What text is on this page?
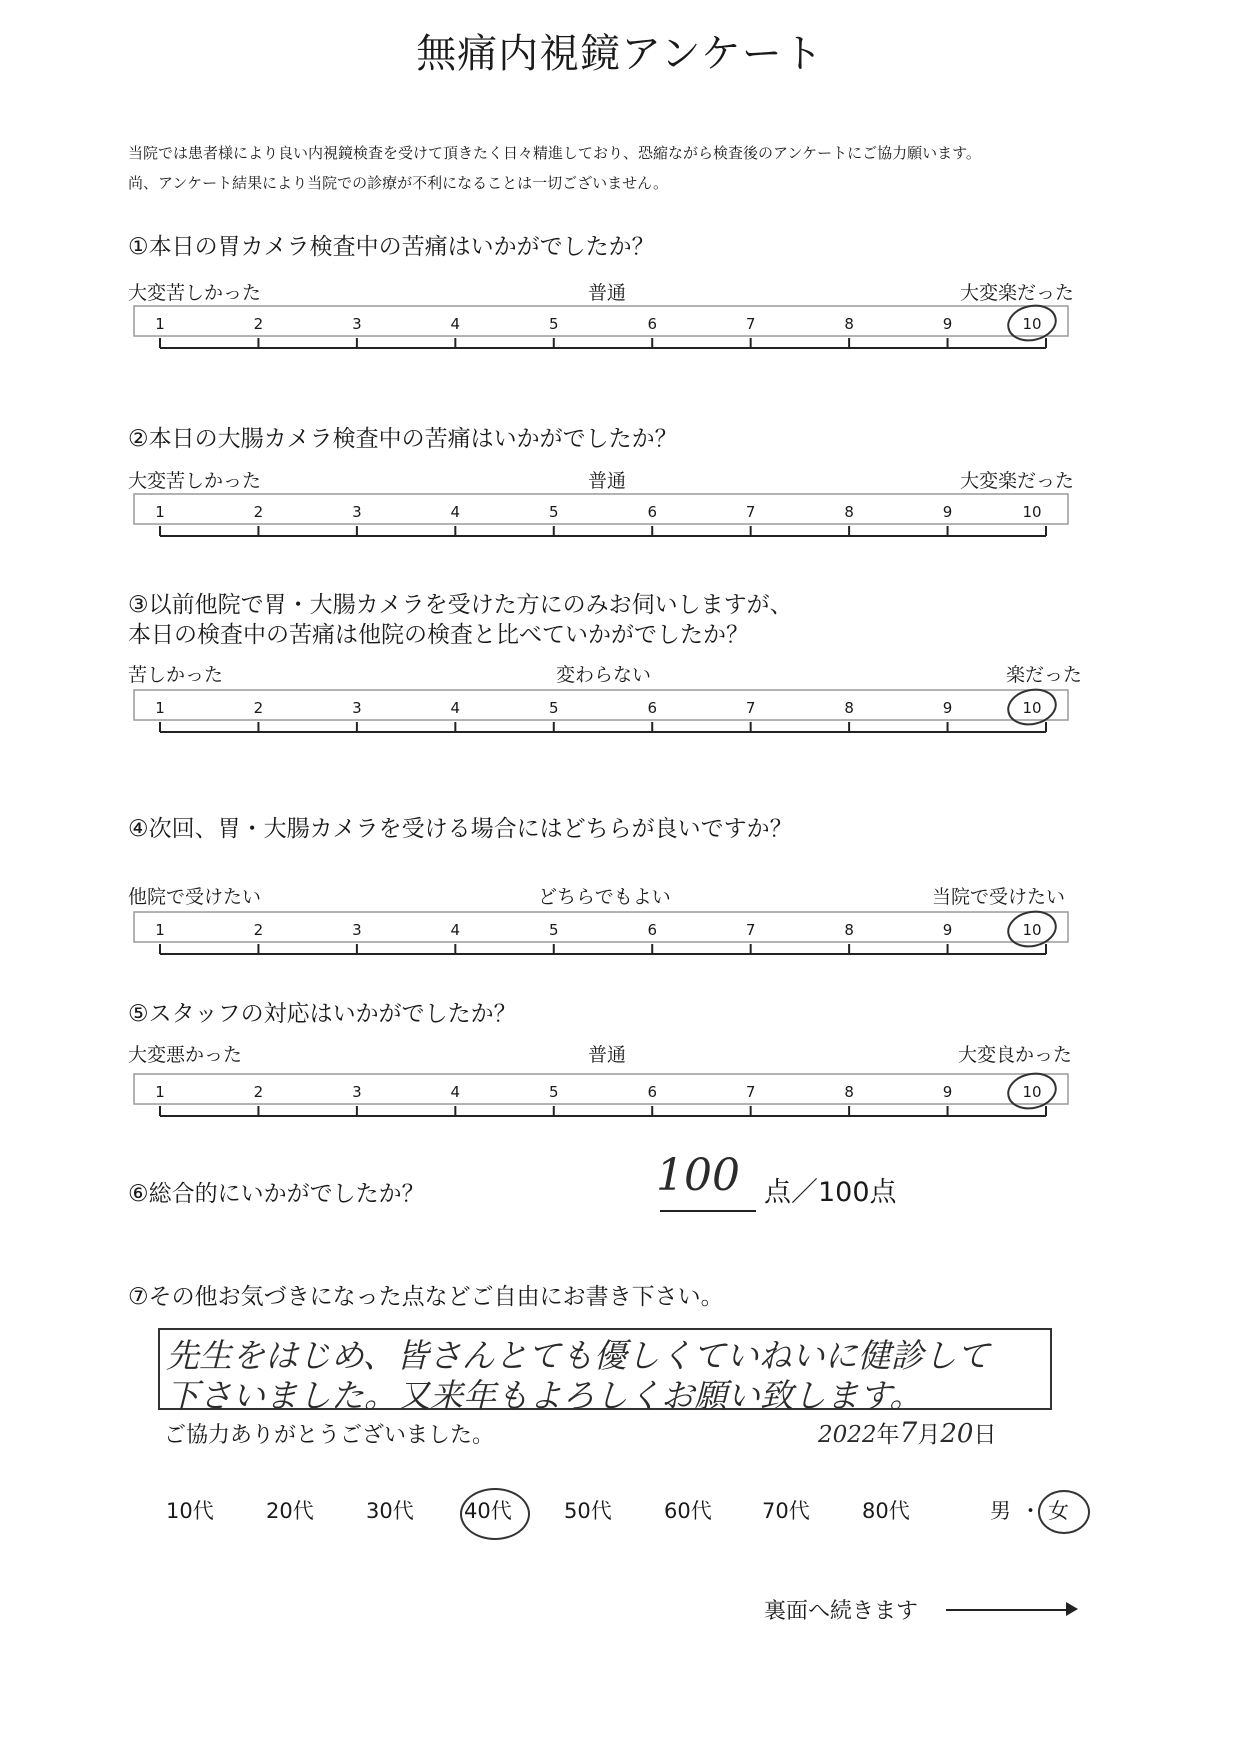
無痛内視鏡アンケート
当院では患者様により良い内視鏡検査を受けて頂きたく日々精進しており、恐縮ながら検査後のアンケートにご協力願います。
尚、アンケート結果により当院での診療が不利になることは一切ございません。
①本日の胃カメラ検査中の苦痛はいかがでしたか？
大変苦しかった	普通	大変楽だった
②本日の大腸カメラ検査中の苦痛はいかがでしたか？
大変苦しかった	普通	大変楽だった
③以前他院で胃・大腸カメラを受けた方にのみお伺いしますが、
本日の検査中の苦痛は他院の検査と比べていかがでしたか？
苦しかった	変わらない	楽だった
④次回、胃・大腸カメラを受ける場合にはどちらが良いですか？
他院で受けたい	どちらでもよい	当院で受けたい
⑤スタッフの対応はいかがでしたか？
大変悪かった	普通	大変良かった
1	2	3	4	5	6	7	8	9	10
1	2	3	4	5	6	7	8	9	10
1	2	3	4	5	6	7	8	9	10
1	2	3	4	5	6	7	8	9	10
1	2	3	4	5	6	7	8	9	10
⑥総合的にいかがでしたか？	100 点／100点
⑦その他お気づきになった点などご自由にお書き下さい。
先生をはじめ、皆さんとても優しくていねいに健診して
下さいました。又来年もよろしくお願い致します。
ご協力ありがとうございました。	2022年7月20日
10代 20代 30代 40代 50代 60代 70代 80代	男 ・ 女
裏面へ続きます
